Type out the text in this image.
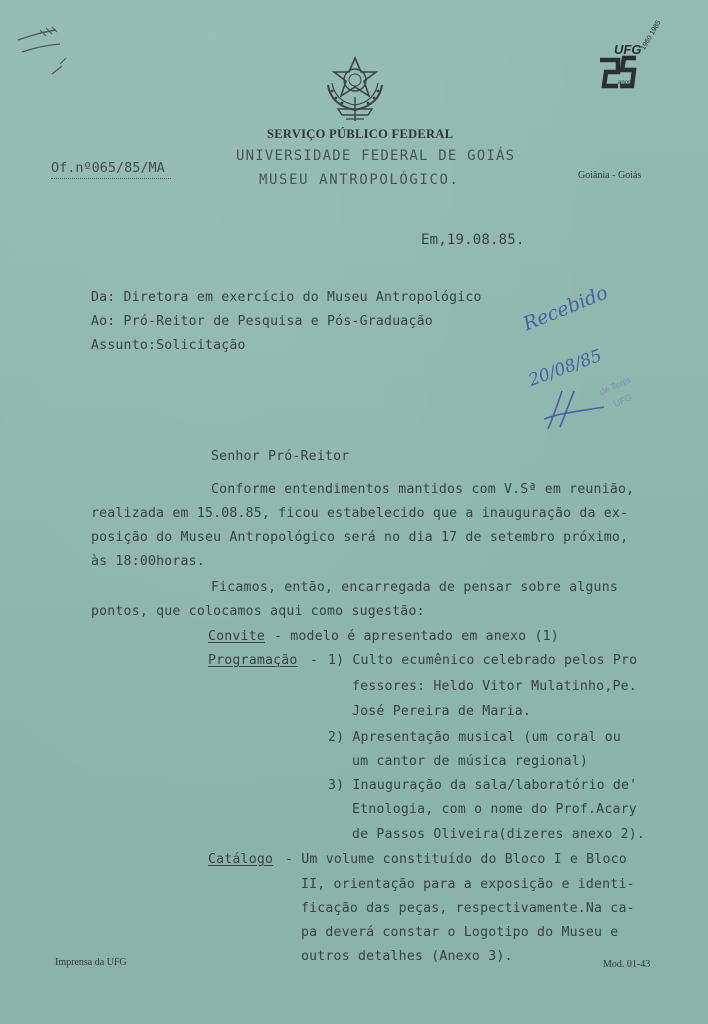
SERVIÇO PÚBLICO FEDERAL
UNIVERSIDADE FEDERAL DE GOIÁS
MUSEU ANTROPOLÓGICO.	Goiânia - Goiás
UFG
1960 1985
anos
Of.nº065/85/MA
Em,19.08.85.
Da: Diretora em exercício do Museu Antropológico
Ao: Pró-Reitor de Pesquisa e Pós-Graduação
Assunto:Solicitação
Recebido
20/08/85
de Terra
UFG
Senhor Pró-Reitor
Conforme entendimentos mantidos com V.Sª em reunião,
realizada em 15.08.85, ficou estabelecido que a inauguração da ex-
posição do Museu Antropológico será no dia 17 de setembro próximo,
às 18:00horas.
Ficamos, então, encarregada de pensar sobre alguns
pontos, que colocamos aqui como sugestão:
Convite - modelo é apresentado em anexo (1)
Programação - 1) Culto ecumênico celebrado pelos Pro
fessores: Heldo Vitor Mulatinho,Pe.
José Pereira de Maria.
2) Apresentação musical (um coral ou
um cantor de música regional)
3) Inauguração da sala/laboratório de'
Etnologia, com o nome do Prof.Acary
de Passos Oliveira(dizeres anexo 2).
Catálogo - Um volume constituído do Bloco I e Bloco
II, orientação para a exposição e identi-
ficação das peças, respectivamente.Na ca-
pa deverá constar o Logotipo do Museu e
outros detalhes (Anexo 3).
Imprensa da UFG	Mod. 01-43
